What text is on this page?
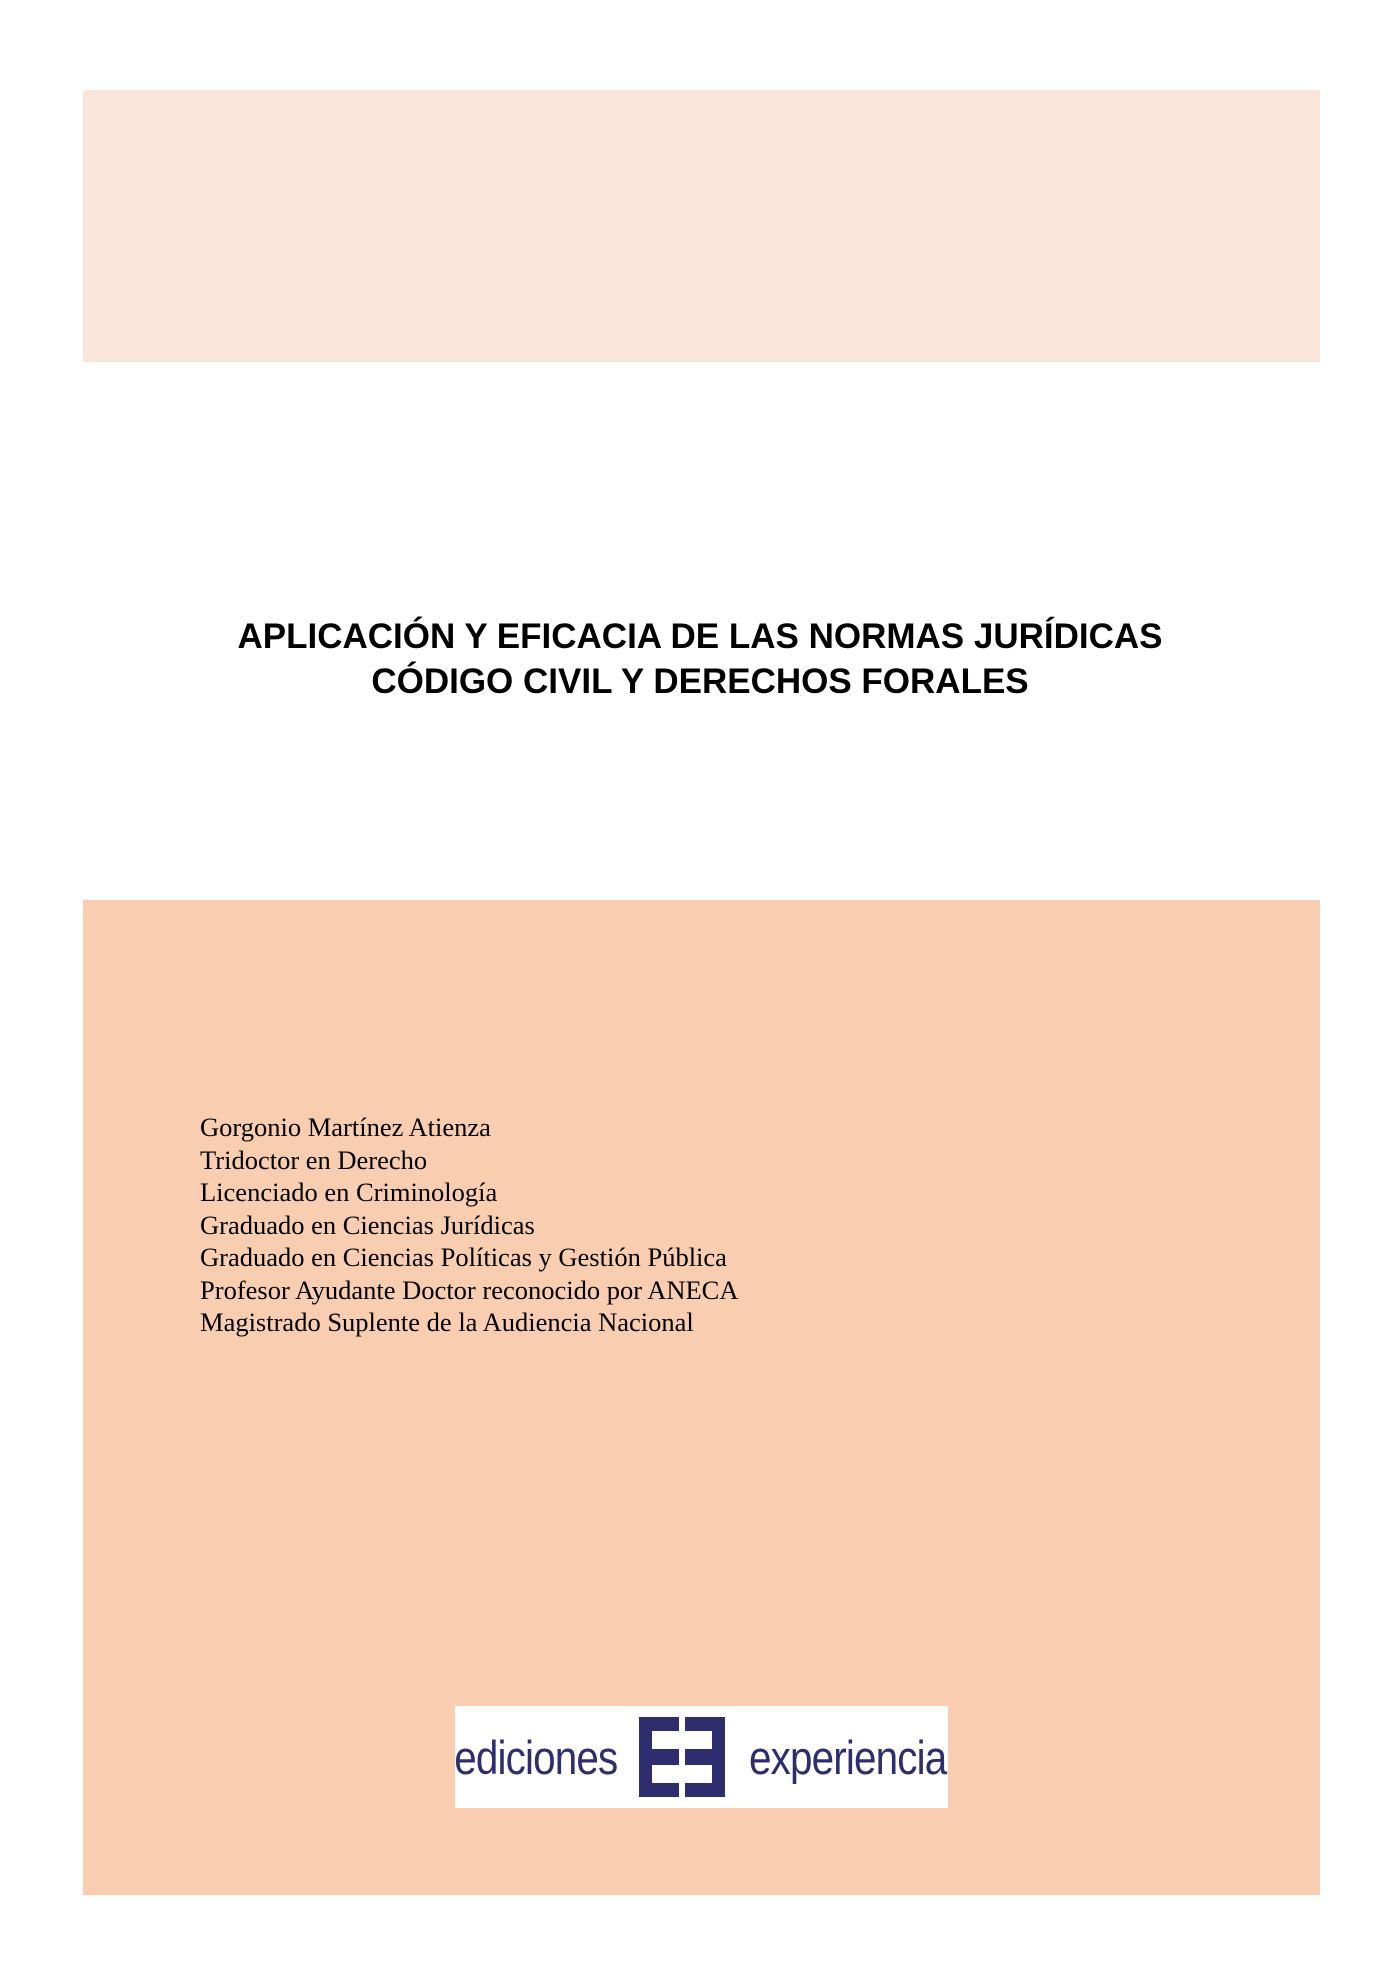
APLICACIÓN Y EFICACIA DE LAS NORMAS JURÍDICAS
CÓDIGO CIVIL Y DERECHOS FORALES
Gorgonio Martínez Atienza
Tridoctor en Derecho
Licenciado en Criminología
Graduado en Ciencias Jurídicas
Graduado en Ciencias Políticas y Gestión Pública
Profesor Ayudante Doctor reconocido por ANECA
Magistrado Suplente de la Audiencia Nacional
ediciones	experiencia
